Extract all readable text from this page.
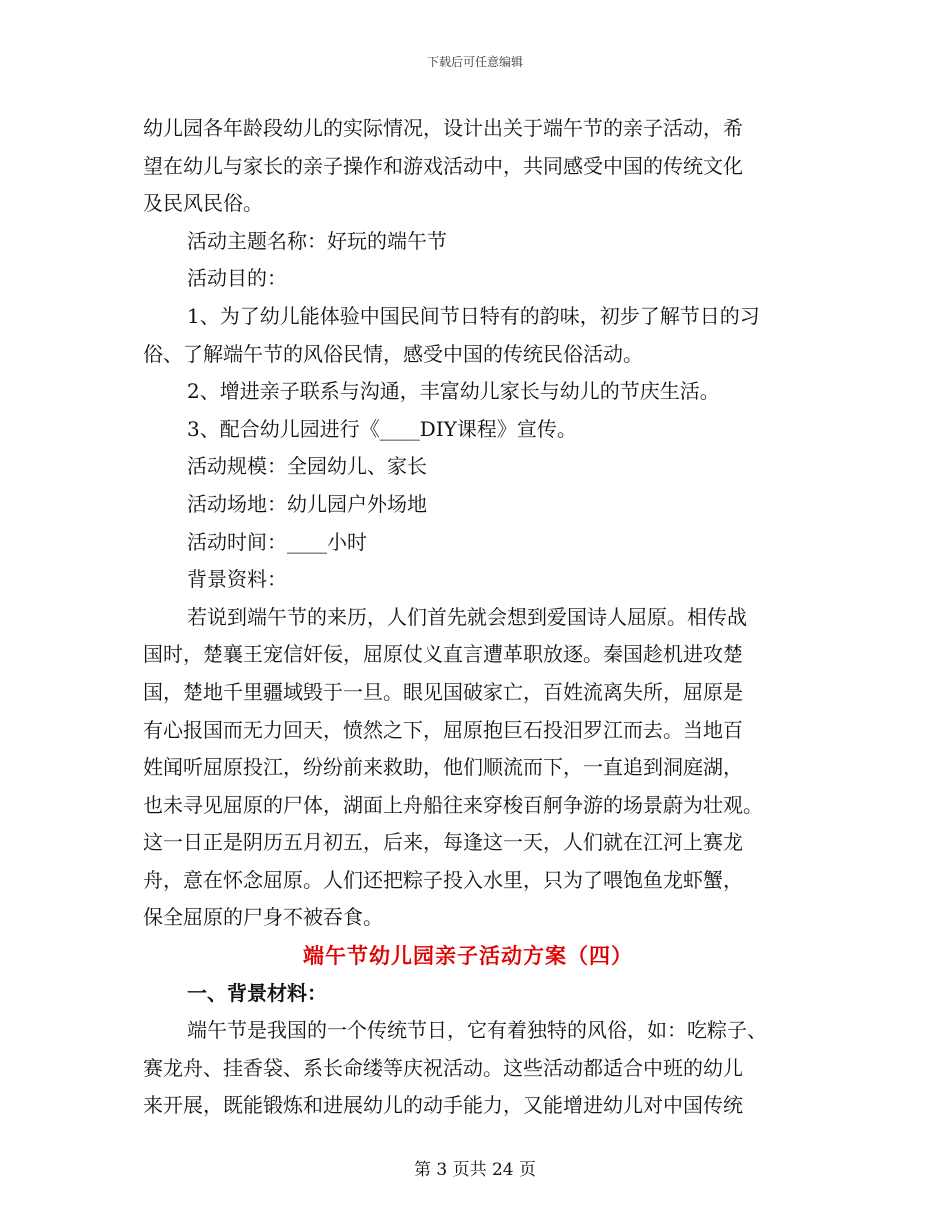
下载后可任意编辑
幼儿园各年龄段幼儿的实际情况，设计出关于端午节的亲子活动，希
望在幼儿与家长的亲子操作和游戏活动中，共同感受中国的传统文化
及民风民俗。
活动主题名称：好玩的端午节
活动目的：
1、为了幼儿能体验中国民间节日特有的韵味，初步了解节日的习
俗、了解端午节的风俗民情，感受中国的传统民俗活动。
2、增进亲子联系与沟通，丰富幼儿家长与幼儿的节庆生活。
3、配合幼儿园进行《____DIY课程》宣传。
活动规模：全园幼儿、家长
活动场地：幼儿园户外场地
活动时间：____小时
背景资料：
若说到端午节的来历，人们首先就会想到爱国诗人屈原。相传战
国时，楚襄王宠信奸佞，屈原仗义直言遭革职放逐。秦国趁机进攻楚
国，楚地千里疆域毁于一旦。眼见国破家亡，百姓流离失所，屈原是
有心报国而无力回天，愤然之下，屈原抱巨石投汨罗江而去。当地百
姓闻听屈原投江，纷纷前来救助，他们顺流而下，一直追到洞庭湖，
也未寻见屈原的尸体，湖面上舟船往来穿梭百舸争游的场景蔚为壮观。
这一日正是阴历五月初五，后来，每逢这一天，人们就在江河上赛龙
舟，意在怀念屈原。人们还把粽子投入水里，只为了喂饱鱼龙虾蟹，
保全屈原的尸身不被吞食。
端午节幼儿园亲子活动方案（四）
一、背景材料：
端午节是我国的一个传统节日，它有着独特的风俗，如：吃粽子、
赛龙舟、挂香袋、系长命缕等庆祝活动。这些活动都适合中班的幼儿
来开展，既能锻炼和进展幼儿的动手能力，又能增进幼儿对中国传统
第 3 页共 24 页
